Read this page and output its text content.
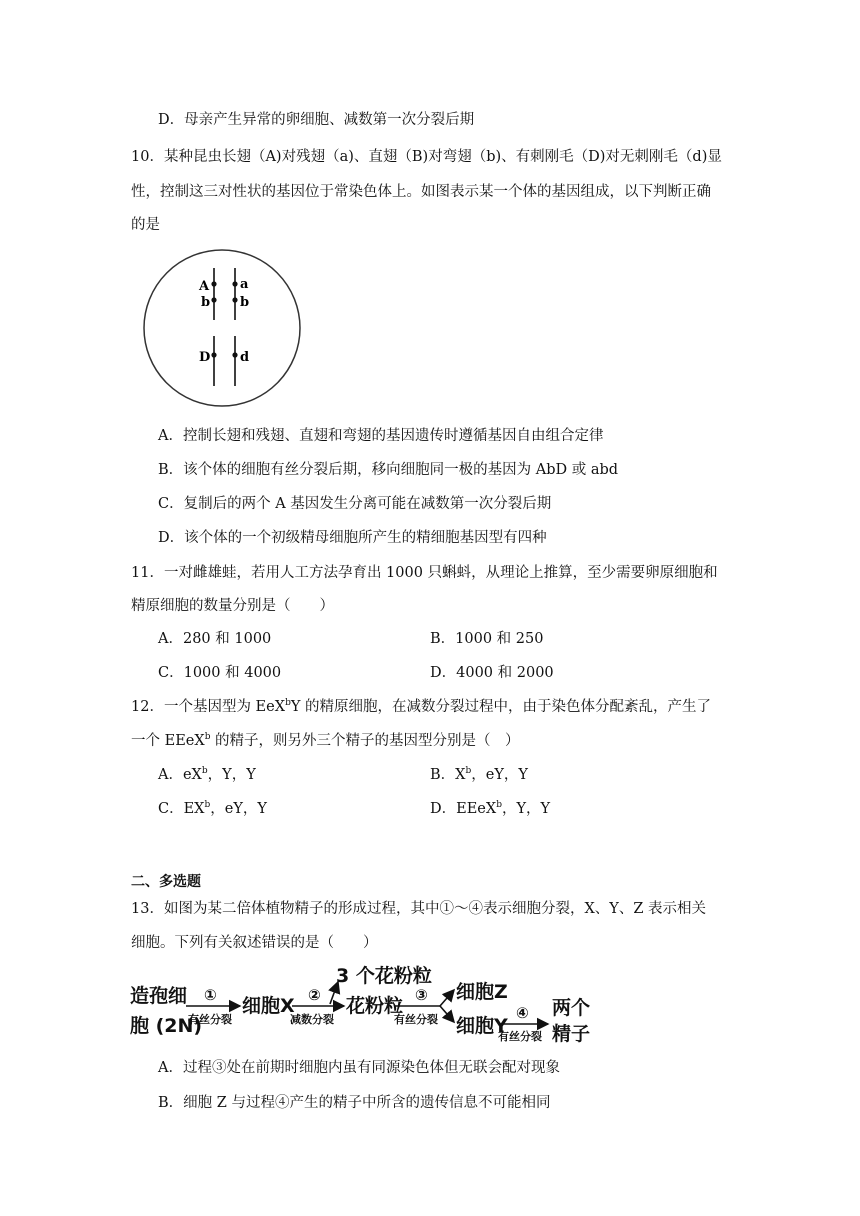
D．母亲产生异常的卵细胞、减数第一次分裂后期
10．某种昆虫长翅（A)对残翅（a)、直翅（B)对弯翅（b)、有刺刚毛（D)对无刺刚毛（d)显
性，控制这三对性状的基因位于常染色体上。如图表示某一个体的基因组成，以下判断正确
的是
A a
b b
D d
A．控制长翅和残翅、直翅和弯翅的基因遗传时遵循基因自由组合定律
B．该个体的细胞有丝分裂后期，移向细胞同一极的基因为 AbD 或 abd
C．复制后的两个 A 基因发生分离可能在减数第一次分裂后期
D．该个体的一个初级精母细胞所产生的精细胞基因型有四种
11．一对雌雄蛙，若用人工方法孕育出 1000 只蝌蚪，从理论上推算，至少需要卵原细胞和
精原细胞的数量分别是（　　）
A．280 和 1000	B．1000 和 250
C．1000 和 4000	D．4000 和 2000
12．一个基因型为 EeX$^b$Y 的精原细胞，在减数分裂过程中，由于染色体分配紊乱，产生了
一个 EEeX$^b$ 的精子，则另外三个精子的基因型分别是（　）
A．$eX^b$，Y，Y	B．$X^b$，eY，Y
C．$EX^b$，eY，Y	D．EEeX$^b$，Y，Y
二、多选题
13．如图为某二倍体植物精子的形成过程，其中①～④表示细胞分裂，X、Y、Z 表示相关
细胞。下列有关叙述错误的是（　　）
造孢细
胞 (2N)
①
有丝分裂
细胞X ②
减数分裂
3 个花粉粒
花粉粒 ③
有丝分裂
细胞Z
细胞Y
④
有丝分裂
两个
精子
A．过程③处在前期时细胞内虽有同源染色体但无联会配对现象
B．细胞 Z 与过程④产生的精子中所含的遗传信息不可能相同
